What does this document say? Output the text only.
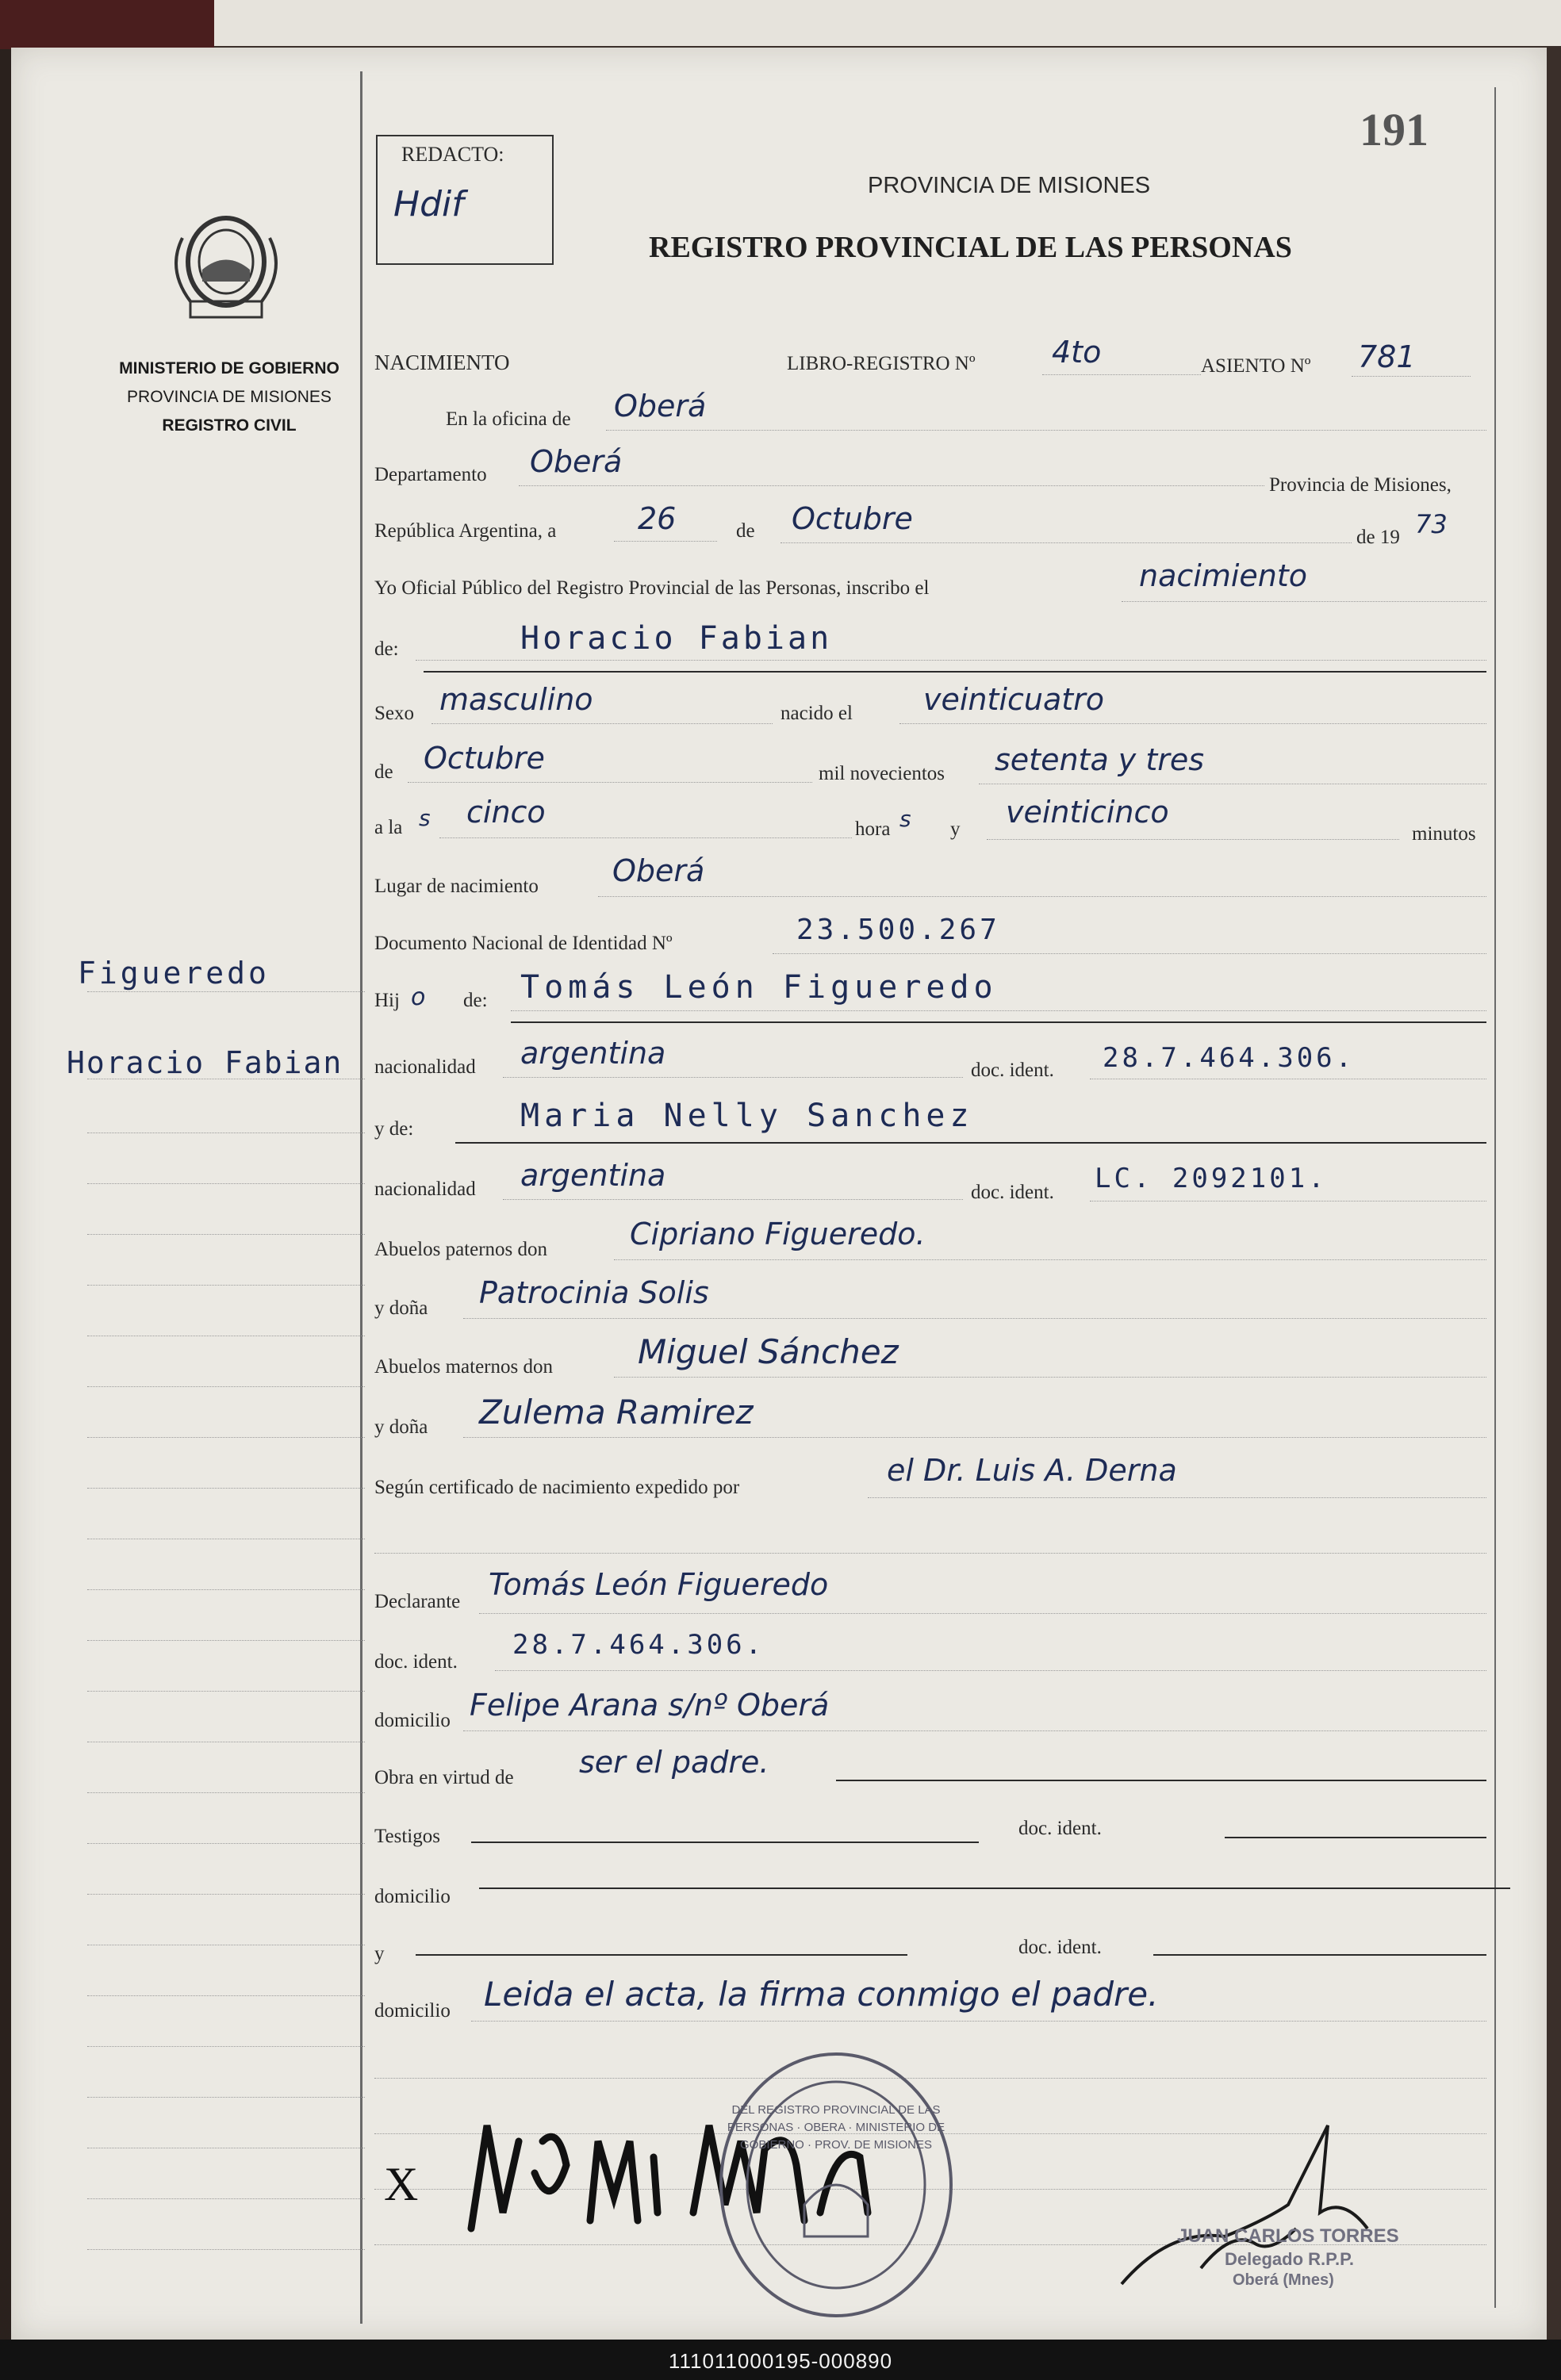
191
REDACTO:
Hdif	PROVINCIA DE MISIONES
REGISTRO PROVINCIAL DE LAS PERSONAS
MINISTERIO DE GOBIERNO
PROVINCIA DE MISIONES
REGISTRO CIVIL
Figueredo
Horacio Fabian
NACIMIENTO	LIBRO-REGISTRO Nº	4to	ASIENTO Nº 781
En la oficina de Oberá
Departamento Oberá
Provincia de Misiones,
República Argentina, a	26	de Octubre
de 19 73
Yo Oficial Público del Registro Provincial de las Personas, inscribo el	nacimiento
de:	Horacio Fabian
Sexo masculino	nacido el veinticuatro
de Octubre	mil novecientos setenta y tres
a la s cinco	hora s y veinticinco
minutos
Lugar de nacimiento Oberá
Documento Nacional de Identidad Nº	23.500.267
Hij o de: Tomás León Figueredo
nacionalidad argentina	doc. ident. 28.7.464.306.
y de:	Maria Nelly Sanchez
nacionalidad argentina	doc. ident. LC. 2092101.
Abuelos paternos don	Cipriano Figueredo.
y doña Patrocinia Solis
Abuelos maternos don	Miguel Sánchez
y doña Zulema Ramirez
Según certificado de nacimiento expedido por	el Dr. Luis A. Derna
Declarante Tomás León Figueredo
doc. ident.
28.7.464.306.
domicilio Felipe Arana s/nº Oberá
Obra en virtud de ser el padre.
Testigos	doc. ident.
domicilio
y	doc. ident.
domicilio Leida el acta, la firma conmigo el padre.
X
DEL REGISTRO PROVINCIAL DE LAS PERSONAS · OBERA · MINISTERIO DE GOBIERNO · PROV. DE MISIONES
JUAN CARLOS TORRES
Delegado R.P.P.
Oberá (Mnes)
111011000195-000890
